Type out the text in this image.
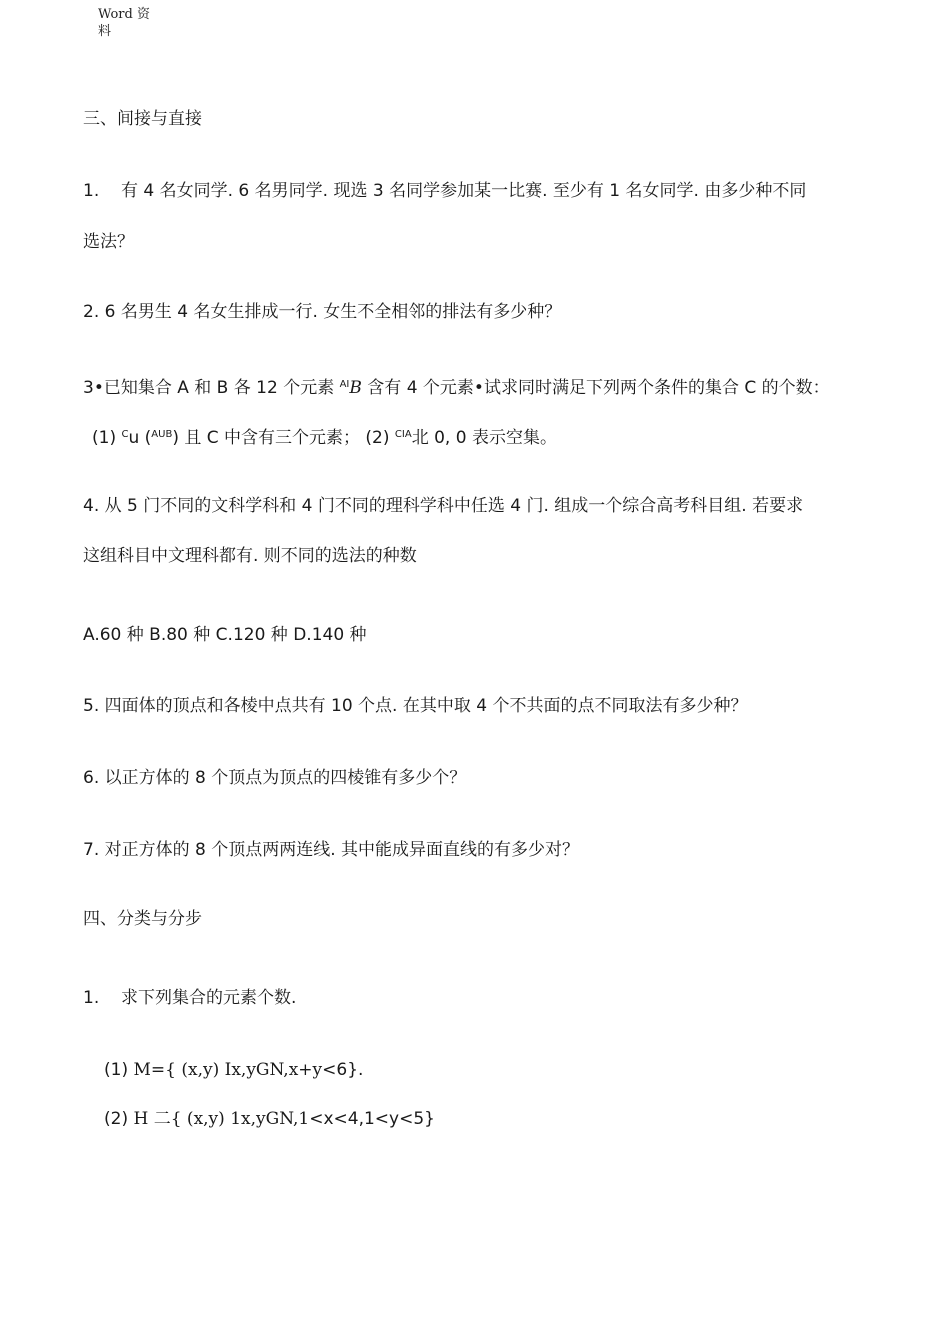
Word 资
料
三、间接与直接
1. 有 4 名女同学. 6 名男同学. 现选 3 名同学参加某一比赛. 至少有 1 名女同学. 由多少种不同
选法？
2. 6 名男生 4 名女生排成一行. 女生不全相邻的排法有多少种？
3•已知集合 A 和 B 各 12 个元素 $^{AI}$B 含有 4 个元素•试求同时满足下列两个条件的集合 C 的个数：
(1) $^C$u ($^{AUB}$) 且 C 中含有三个元素； (2) $^{CIA}$北 0, 0 表示空集。
4. 从 5 门不同的文科学科和 4 门不同的理科学科中任选 4 门. 组成一个综合高考科目组. 若要求
这组科目中文理科都有. 则不同的选法的种数
A.60 种 B.80 种 C.120 种 D.140 种
5. 四面体的顶点和各棱中点共有 10 个点. 在其中取 4 个不共面的点不同取法有多少种？
6. 以正方体的 8 个顶点为顶点的四棱锥有多少个？
7. 对正方体的 8 个顶点两两连线. 其中能成异面直线的有多少对？
四、分类与分步
1. 求下列集合的元素个数.
(1) M={ (x,y) Ix,yGN,x+y<6}.
(2) H 二{ (x,y) 1x,yGN,1<x<4,1<y<5}
